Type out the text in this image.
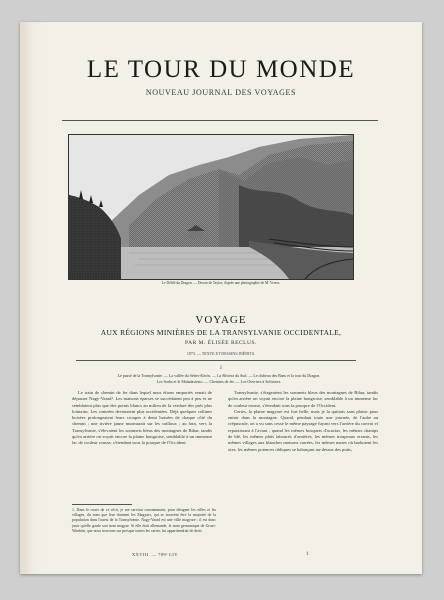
LE TOUR DU MONDE
NOUVEAU JOURNAL DES VOYAGES
Le Défilé du Dragon. — Dessin de Taylor, d'après une photographie de M. Veress.
VOYAGE
AUX RÉGIONS MINIÈRES DE LA TRANSYLVANIE OCCIDENTALE,
PAR M. ÉLISÉE RECLUS.
1873. — TEXTE ET DESSINS INÉDITS.
I
Le passé de la Transylvanie. — La vallée du Sebes-Körös. — La Riviera du Sud. — Le château des Bans et la tour du Dragon.
Les Sorbs et le Maladasiesto. — Chemins de fer. — Les Ouvriers à Solitraws.

Le train de chemin de fer dans lequel nous étions emportés venait de dépasser Nagy-Varad¹. Les maisons éparses se succédaient peu à peu et ne semblaient plus que des points blancs au milieu de la verdure des prés plus lointains. Les contrées devenaient plus accidentées. Déjà quelques collines boisées prolongeaient leurs croupes à demi boisées de chaque côté du chemin ; une rivière jaune murmurait sur les cailloux ; au loin, vers la Transylvanie, s'élevaient les sommets bleus des montagnes de Bihar, tandis qu'en arrière on voyait encore la plaine hongroise, semblable à un immense lac de couleur rousse, s'étendant sous la pourpre de l'Occident.

Transylvanie, s'étageaient les sommets bleus des montagnes de Bihar, tandis qu'en arrière on voyait encore la plaine hongroise, semblable à un immense lac de couleur rousse, s'étendant sous la pourpre de l'Occident.

Certes, la plaine magyare est fort belle, mais je la quittais sans plaisir pour entrer dans la montagne. Quand, pendant toute une journée, de l'aube au crépuscule, on a vu sans cesse le même paysage fuyant vers l'arrière du convoi et reparaissant à l'avant ; quand les mêmes bosquets d'acacias, les mêmes champs de blé, les mêmes pâtis labourés d'ornières, les mêmes troupeaux errants, les mêmes villages aux blanches maisons carrées, les mêmes mares où barbotent les oies, les mêmes potences obliques se balançant au-dessus des puits,

1. Dans le cours de ce récit, je me servirai constamment, pour désigner les villes et les villages, du nom que leur donnent les Magyars, qui se trouvent être la majorité de la population dans l'ouest de la Transylvanie. Nagy-Varad est une ville magyare ; il est donc juste qu'elle garde son nom magyar. Si elle était allemande, le nom germanique de Gross-Wardein, que nous trouvons sur presque toutes les cartes, lui appartiendrait de droit.

XXVIII. — 709ᵉ LIV.	1
